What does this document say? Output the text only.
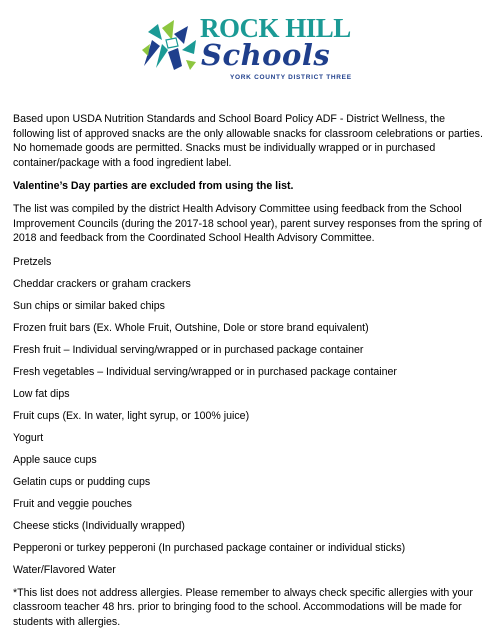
ROCK HILL
Schools
YORK COUNTY DISTRICT THREE

Based upon USDA Nutrition Standards and School Board Policy ADF - District Wellness, the following list of approved snacks are the only allowable snacks for classroom celebrations or parties. No homemade goods are permitted. Snacks must be individually wrapped or in purchased container/package with a food ingredient label.

Valentine’s Day parties are excluded from using the list.

The list was compiled by the district Health Advisory Committee using feedback from the School Improvement Councils (during the 2017-18 school year), parent survey responses from the spring of 2018 and feedback from the Coordinated School Health Advisory Committee.

Pretzels
Cheddar crackers or graham crackers
Sun chips or similar baked chips
Frozen fruit bars (Ex. Whole Fruit, Outshine, Dole or store brand equivalent)
Fresh fruit – Individual serving/wrapped or in purchased package container
Fresh vegetables – Individual serving/wrapped or in purchased package container
Low fat dips
Fruit cups (Ex. In water, light syrup, or 100% juice)
Yogurt
Apple sauce cups
Gelatin cups or pudding cups
Fruit and veggie pouches
Cheese sticks (Individually wrapped)
Pepperoni or turkey pepperoni (In purchased package container or individual sticks)
Water/Flavored Water

*This list does not address allergies. Please remember to always check specific allergies with your classroom teacher 48 hrs. prior to bringing food to the school. Accommodations will be made for students with allergies.
